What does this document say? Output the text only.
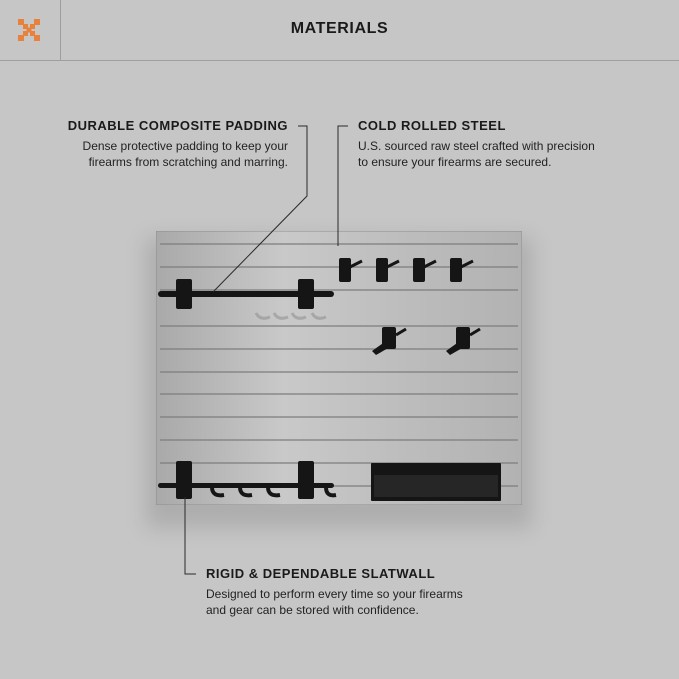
MATERIALS
DURABLE COMPOSITE PADDING

Dense protective padding to keep your
firearms from scratching and marring.

COLD ROLLED STEEL

U.S. sourced raw steel crafted with precision
to ensure your firearms are secured.

RIGID & DEPENDABLE SLATWALL

Designed to perform every time so your firearms
and gear can be stored with confidence.
